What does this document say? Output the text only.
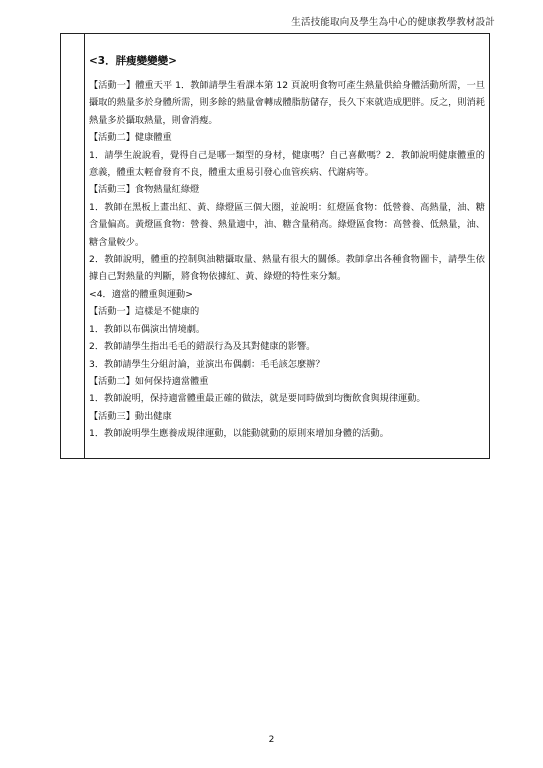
生活技能取向及學生為中心的健康教學教材設計
<3．胖瘦變變變>

【活動一】體重天平 1．教師請學生看課本第 12 頁說明食物可產生熱量供給身體活動所需，一旦攝取的熱量多於身體所需，則多餘的熱量會轉成體脂肪儲存，長久下來就造成肥胖。反之，則消耗熱量多於攝取熱量，則會消瘦。

【活動二】健康體重

1．請學生說說看，覺得自己是哪一類型的身材，健康嗎？自己喜歡嗎？2．教師說明健康體重的意義，體重太輕會發育不良，體重太重易引發心血管疾病、代謝病等。

【活動三】食物熱量紅綠燈

1．教師在黑板上畫出紅、黃、綠燈區三個大圈，並說明：紅燈區食物：低營養、高熱量，油、糖含量偏高。黃燈區食物：營養、熱量適中，油、糖含量稍高。綠燈區食物：高營養、低熱量，油、糖含量較少。

2．教師說明，體重的控制與油糖攝取量、熱量有很大的關係。教師拿出各種食物圖卡，請學生依據自己對熱量的判斷，將食物依據紅、黃、綠燈的特性來分類。

<4．適當的體重與運動>

【活動一】這樣是不健康的

1．教師以布偶演出情境劇。

2．教師請學生指出毛毛的錯誤行為及其對健康的影響。

3．教師請學生分組討論，並演出布偶劇：毛毛該怎麼辦？

【活動二】如何保持適當體重

1．教師說明，保持適當體重最正確的做法，就是要同時做到均衡飲食與規律運動。

【活動三】動出健康

1．教師說明學生應養成規律運動，以能動就動的原則來增加身體的活動。

2
